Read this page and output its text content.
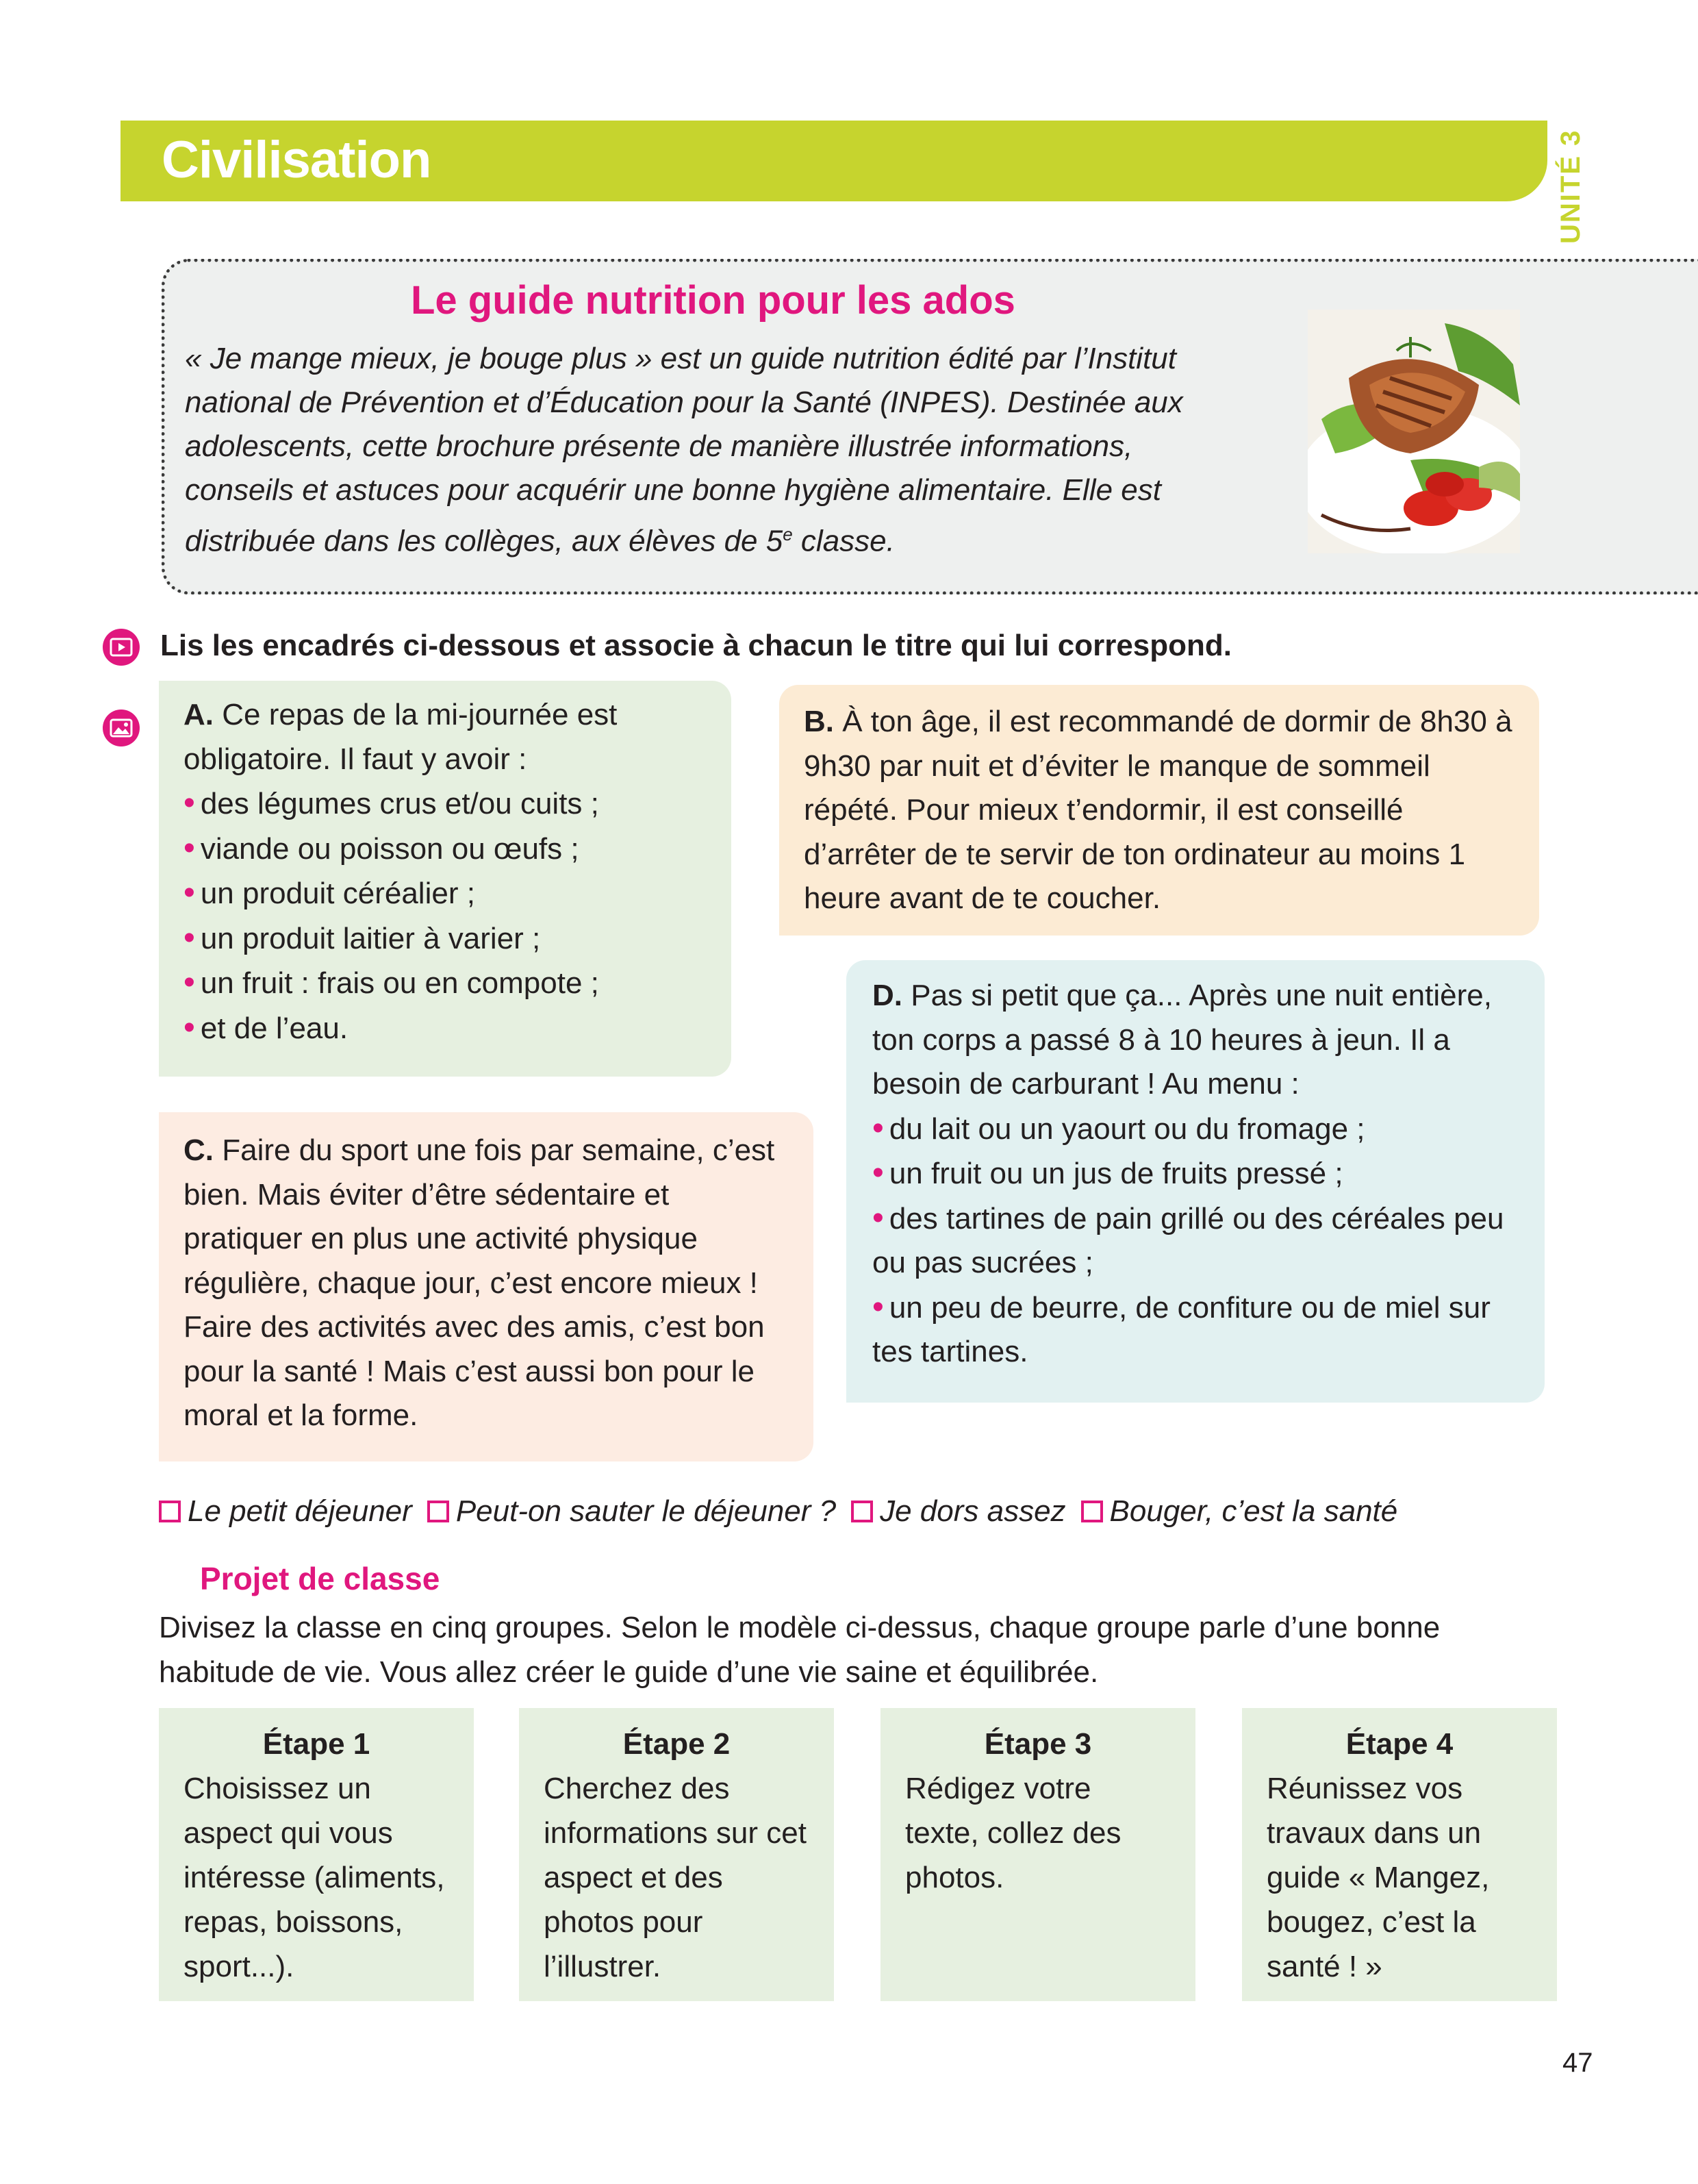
Civilisation	UNITÉ 3
Le guide nutrition pour les ados
« Je mange mieux, je bouge plus » est un guide nutrition édité par l’Institut
national de Prévention et d’Éducation pour la Santé (INPES). Destinée aux
adolescents, cette brochure présente de manière illustrée informations,
conseils et astuces pour acquérir une bonne hygiène alimentaire. Elle est
distribuée dans les collèges, aux élèves de 5e classe.
Lis les encadrés ci-dessous et associe à chacun le titre qui lui correspond.
A. Ce repas de la mi-journée est obligatoire. Il faut y avoir :
• des légumes crus et/ou cuits ;
• viande ou poisson ou œufs ;
• un produit céréalier ;
• un produit laitier à varier ;
• un fruit : frais ou en compote ;
• et de l’eau.
B. À ton âge, il est recommandé de dormir de 8h30 à 9h30 par nuit et d’éviter le manque de sommeil répété. Pour mieux t’endormir, il est conseillé d’arrêter de te servir de ton ordinateur au moins 1 heure avant de te coucher.
C. Faire du sport une fois par semaine, c’est bien. Mais éviter d’être sédentaire et pratiquer en plus une activité physique régulière, chaque jour, c’est encore mieux ! Faire des activités avec des amis, c’est bon pour la santé ! Mais c’est aussi bon pour le moral et la forme.
D. Pas si petit que ça... Après une nuit entière, ton corps a passé 8 à 10 heures à jeun. Il a besoin de carburant ! Au menu :
• du lait ou un yaourt ou du fromage ;
• un fruit ou un jus de fruits pressé ;
• des tartines de pain grillé ou des céréales peu ou pas sucrées ;
• un peu de beurre, de confiture ou de miel sur tes tartines.
Le petit déjeuner Peut-on sauter le déjeuner ? Je dors assez Bouger, c’est la santé
Projet de classe
Divisez la classe en cinq groupes. Selon le modèle ci-dessus, chaque groupe parle d’une bonne habitude de vie. Vous allez créer le guide d’une vie saine et équilibrée.
Étape 1
Choisissez un aspect qui vous intéresse (aliments, repas, boissons, sport...).
Étape 2
Cherchez des informations sur cet aspect et des photos pour l’illustrer.
Étape 3
Rédigez votre texte, collez des photos.
Étape 4
Réunissez vos travaux dans un guide « Mangez, bougez, c’est la santé ! »
47
